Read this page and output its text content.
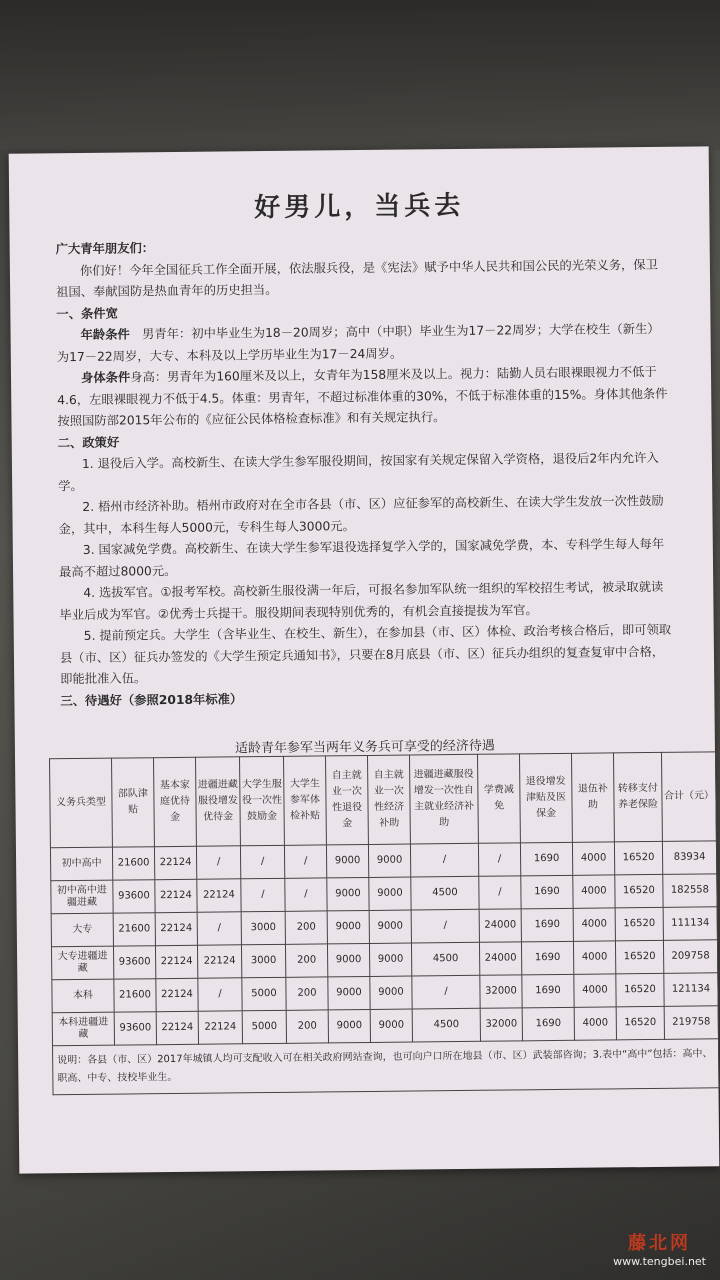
好男儿，当兵去

广大青年朋友们：

你们好！今年全国征兵工作全面开展，依法服兵役，是《宪法》赋予中华人民共和国公民的光荣义务，保卫祖国、奉献国防是热血青年的历史担当。

一、条件宽

年龄条件　 男青年：初中毕业生为18－20周岁；高中（中职）毕业生为17－22周岁；大学在校生（新生）为17－22周岁，大专、本科及以上学历毕业生为17－24周岁。

身体条件身高：男青年为160厘米及以上，女青年为158厘米及以上。视力：陆勤人员右眼裸眼视力不低于4.6，左眼裸眼视力不低于4.5。体重：男青年，不超过标准体重的30%，不低于标准体重的15%。身体其他条件按照国防部2015年公布的《应征公民体格检查标准》和有关规定执行。

二、政策好

1. 退役后入学。高校新生、在读大学生参军服役期间，按国家有关规定保留入学资格，退役后2年内允许入学。

2. 梧州市经济补助。梧州市政府对在全市各县（市、区）应征参军的高校新生、在读大学生发放一次性鼓励金，其中，本科生每人5000元，专科生每人3000元。

3. 国家减免学费。高校新生、在读大学生参军退役选择复学入学的，国家减免学费，本、专科学生每人每年最高不超过8000元。

4. 选拔军官。①报考军校。高校新生服役满一年后，可报名参加军队统一组织的军校招生考试，被录取就读毕业后成为军官。②优秀士兵提干。服役期间表现特别优秀的，有机会直接提拔为军官。

5. 提前预定兵。大学生（含毕业生、在校生、新生），在参加县（市、区）体检、政治考核合格后，即可领取县（市、区）征兵办签发的《大学生预定兵通知书》，只要在8月底县（市、区）征兵办组织的复查复审中合格，即能批准入伍。

三、待遇好（参照2018年标准）

适龄青年参军当两年义务兵可享受的经济待遇
义务兵类型	部队津贴	基本家庭优待金	进疆进藏服役增发优待金	大学生服役一次性鼓励金	大学生参军体检补贴	自主就业一次性退役金	自主就业一次性经济补助	进疆进藏服役增发一次性自主就业经济补助	学费减免	退役增发津贴及医保金	退伍补助	转移支付养老保险	合计（元）
初中高中	21600	22124	/	/	/	9000	9000	/	/	1690	4000	16520	83934
初中高中进疆进藏	93600	22124	22124	/	/	9000	9000	4500	/	1690	4000	16520	182558
大专	21600	22124	/	3000	200	9000	9000	/	24000	1690	4000	16520	111134
大专进疆进藏	93600	22124	22124	3000	200	9000	9000	4500	24000	1690	4000	16520	209758
本科	21600	22124	/	5000	200	9000	9000	/	32000	1690	4000	16520	121134
本科进疆进藏	93600	22124	22124	5000	200	9000	9000	4500	32000	1690	4000	16520	219758
说明：各县（市、区）2017年城镇人均可支配收入可在相关政府网站查询，也可向户口所在地县（市、区）武装部咨询；3.表中“高中”包括：高中、职高、中专、技校毕业生。													
藤北网
www.tengbei.net
